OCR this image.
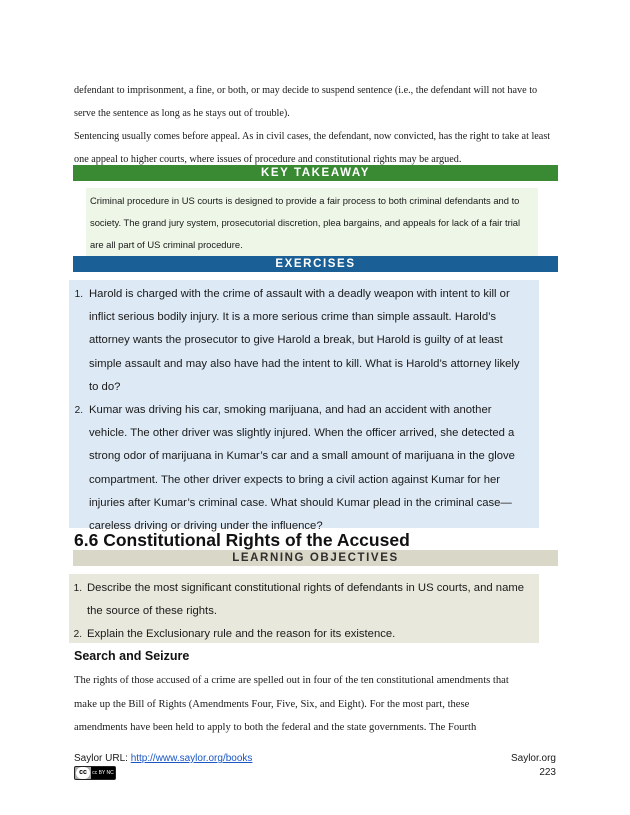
defendant to imprisonment, a fine, or both, or may decide to suspend sentence (i.e., the defendant will not have to
serve the sentence as long as he stays out of trouble).
Sentencing usually comes before appeal. As in civil cases, the defendant, now convicted, has the right to take at least
one appeal to higher courts, where issues of procedure and constitutional rights may be argued.
KEY TAKEAWAY
Criminal procedure in US courts is designed to provide a fair process to both criminal defendants and to
society. The grand jury system, prosecutorial discretion, plea bargains, and appeals for lack of a fair trial
are all part of US criminal procedure.
EXERCISES
1. Harold is charged with the crime of assault with a deadly weapon with intent to kill or inflict serious bodily injury. It is a more serious crime than simple assault. Harold’s attorney wants the prosecutor to give Harold a break, but Harold is guilty of at least simple assault and may also have had the intent to kill. What is Harold’s attorney likely to do?
2. Kumar was driving his car, smoking marijuana, and had an accident with another vehicle. The other driver was slightly injured. When the officer arrived, she detected a strong odor of marijuana in Kumar’s car and a small amount of marijuana in the glove compartment. The other driver expects to bring a civil action against Kumar for her injuries after Kumar’s criminal case. What should Kumar plead in the criminal case—careless driving or driving under the influence?
6.6 Constitutional Rights of the Accused
LEARNING OBJECTIVES
1. Describe the most significant constitutional rights of defendants in US courts, and name the source of these rights.
2. Explain the Exclusionary rule and the reason for its existence.
Search and Seizure
The rights of those accused of a crime are spelled out in four of the ten constitutional amendments that
make up the Bill of Rights (Amendments Four, Five, Six, and Eight). For the most part, these
amendments have been held to apply to both the federal and the state governments. The Fourth
Saylor URL: http://www.saylor.org/books
cc	cc BY NC SA
Saylor.org
223
